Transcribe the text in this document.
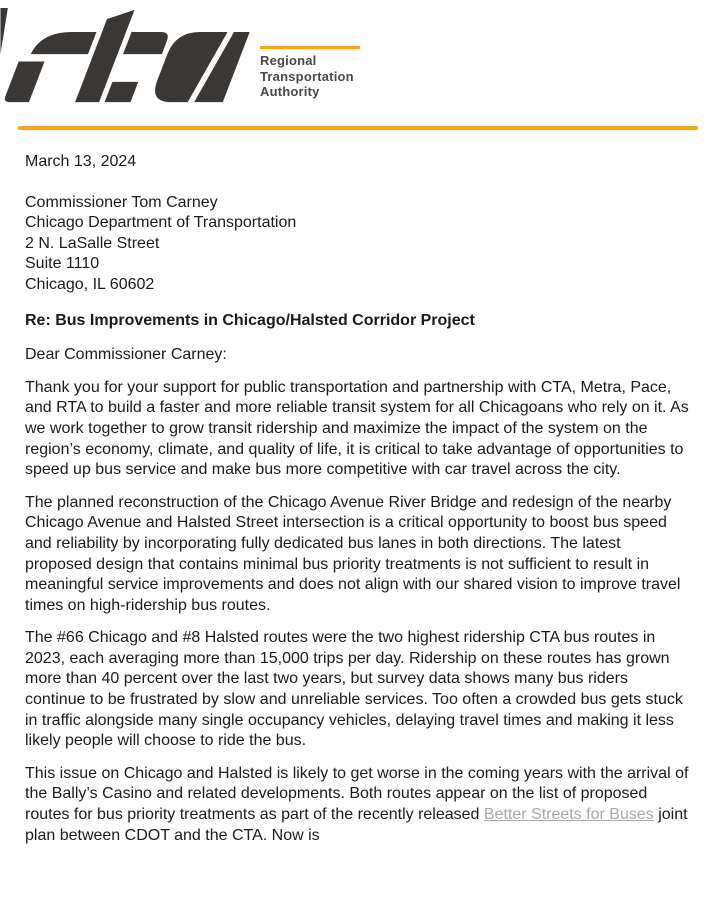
Regional
Transportation
Authority

March 13, 2024

Commissioner Tom Carney
Chicago Department of Transportation
2 N. LaSalle Street
Suite 1110
Chicago, IL 60602

Re: Bus Improvements in Chicago/Halsted Corridor Project

Dear Commissioner Carney:

Thank you for your support for public transportation and partnership with CTA, Metra, Pace, and RTA to build a faster and more reliable transit system for all Chicagoans who rely on it. As we work together to grow transit ridership and maximize the impact of the system on the region’s economy, climate, and quality of life, it is critical to take advantage of opportunities to speed up bus service and make bus more competitive with car travel across the city.

The planned reconstruction of the Chicago Avenue River Bridge and redesign of the nearby Chicago Avenue and Halsted Street intersection is a critical opportunity to boost bus speed and reliability by incorporating fully dedicated bus lanes in both directions. The latest proposed design that contains minimal bus priority treatments is not sufficient to result in meaningful service improvements and does not align with our shared vision to improve travel times on high-ridership bus routes.

The #66 Chicago and #8 Halsted routes were the two highest ridership CTA bus routes in 2023, each averaging more than 15,000 trips per day. Ridership on these routes has grown more than 40 percent over the last two years, but survey data shows many bus riders continue to be frustrated by slow and unreliable services. Too often a crowded bus gets stuck in traffic alongside many single occupancy vehicles, delaying travel times and making it less likely people will choose to ride the bus.

This issue on Chicago and Halsted is likely to get worse in the coming years with the arrival of the Bally’s Casino and related developments. Both routes appear on the list of proposed routes for bus priority treatments as part of the recently released Better Streets for Buses joint plan between CDOT and the CTA. Now is
